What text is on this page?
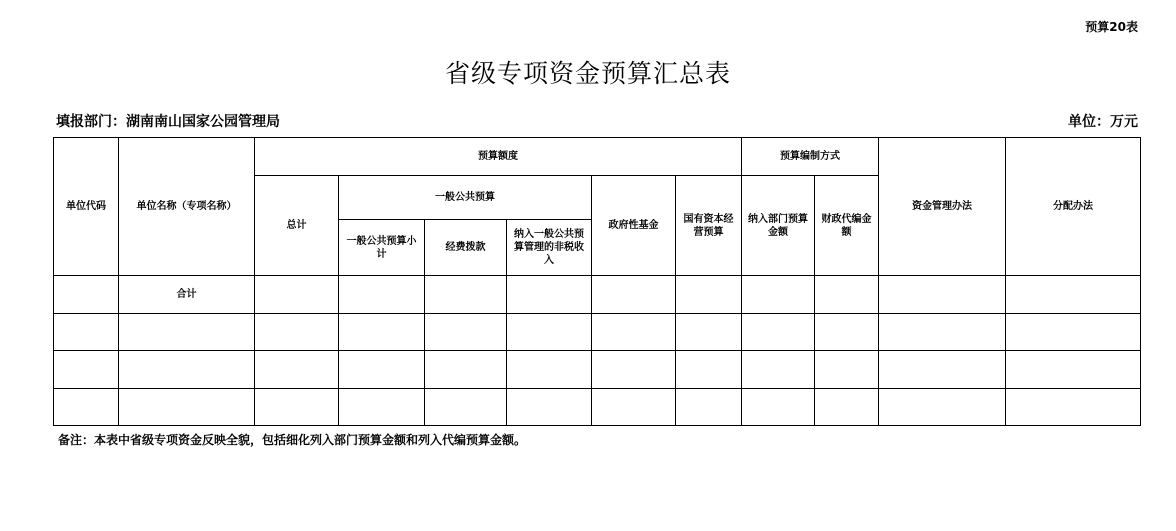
预算20表
省级专项资金预算汇总表
填报部门 ： 湖南南山国家公园管理局	单位 ： 万元
单位代码	单位名称（专项名称）	预算额度						预算编制方式		资金管理办法	分配办法
		总计	一般公共预算			政府性基金	国有资本经营预算	纳入部门预算金额	财政代编金额		
			一般公共预算小计	经费拨款	纳入一般公共预算管理的非税收入						
	合计										

备注 ： 本表中省级专项资金反映全貌，包括细化列入部门预算金额和列入代编预算金额。
